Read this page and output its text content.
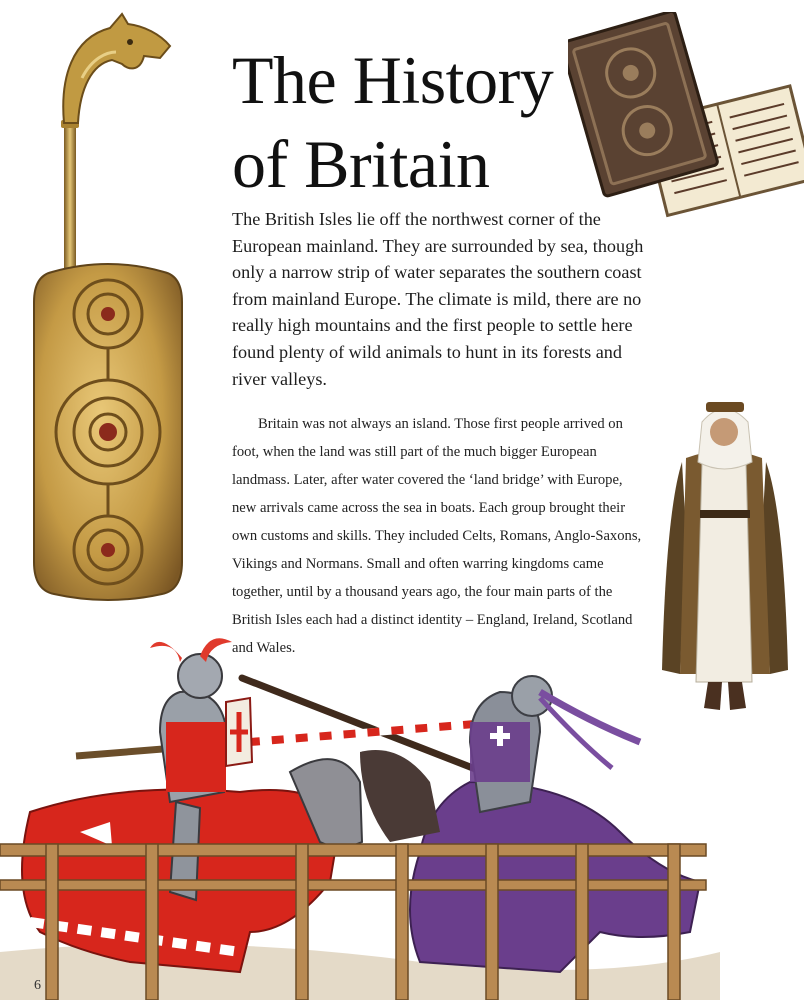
The History
of Britain

The British Isles lie off the northwest corner of the European mainland. They are surrounded by sea, though only a narrow strip of water separates the southern coast from mainland Europe. The climate is mild, there are no really high mountains and the first people to settle here found plenty of wild animals to hunt in its forests and river valleys.

Britain was not always an island. Those first people arrived on foot, when the land was still part of the much bigger European landmass. Later, after water covered the ‘land bridge’ with Europe, new arrivals came across the sea in boats. Each group brought their own customs and skills. They included Celts, Romans, Anglo-Saxons, Vikings and Normans. Small and often warring kingdoms came together, until by a thousand years ago, the four main parts of the British Isles each had a distinct identity – England, Ireland, Scotland and Wales.

6
